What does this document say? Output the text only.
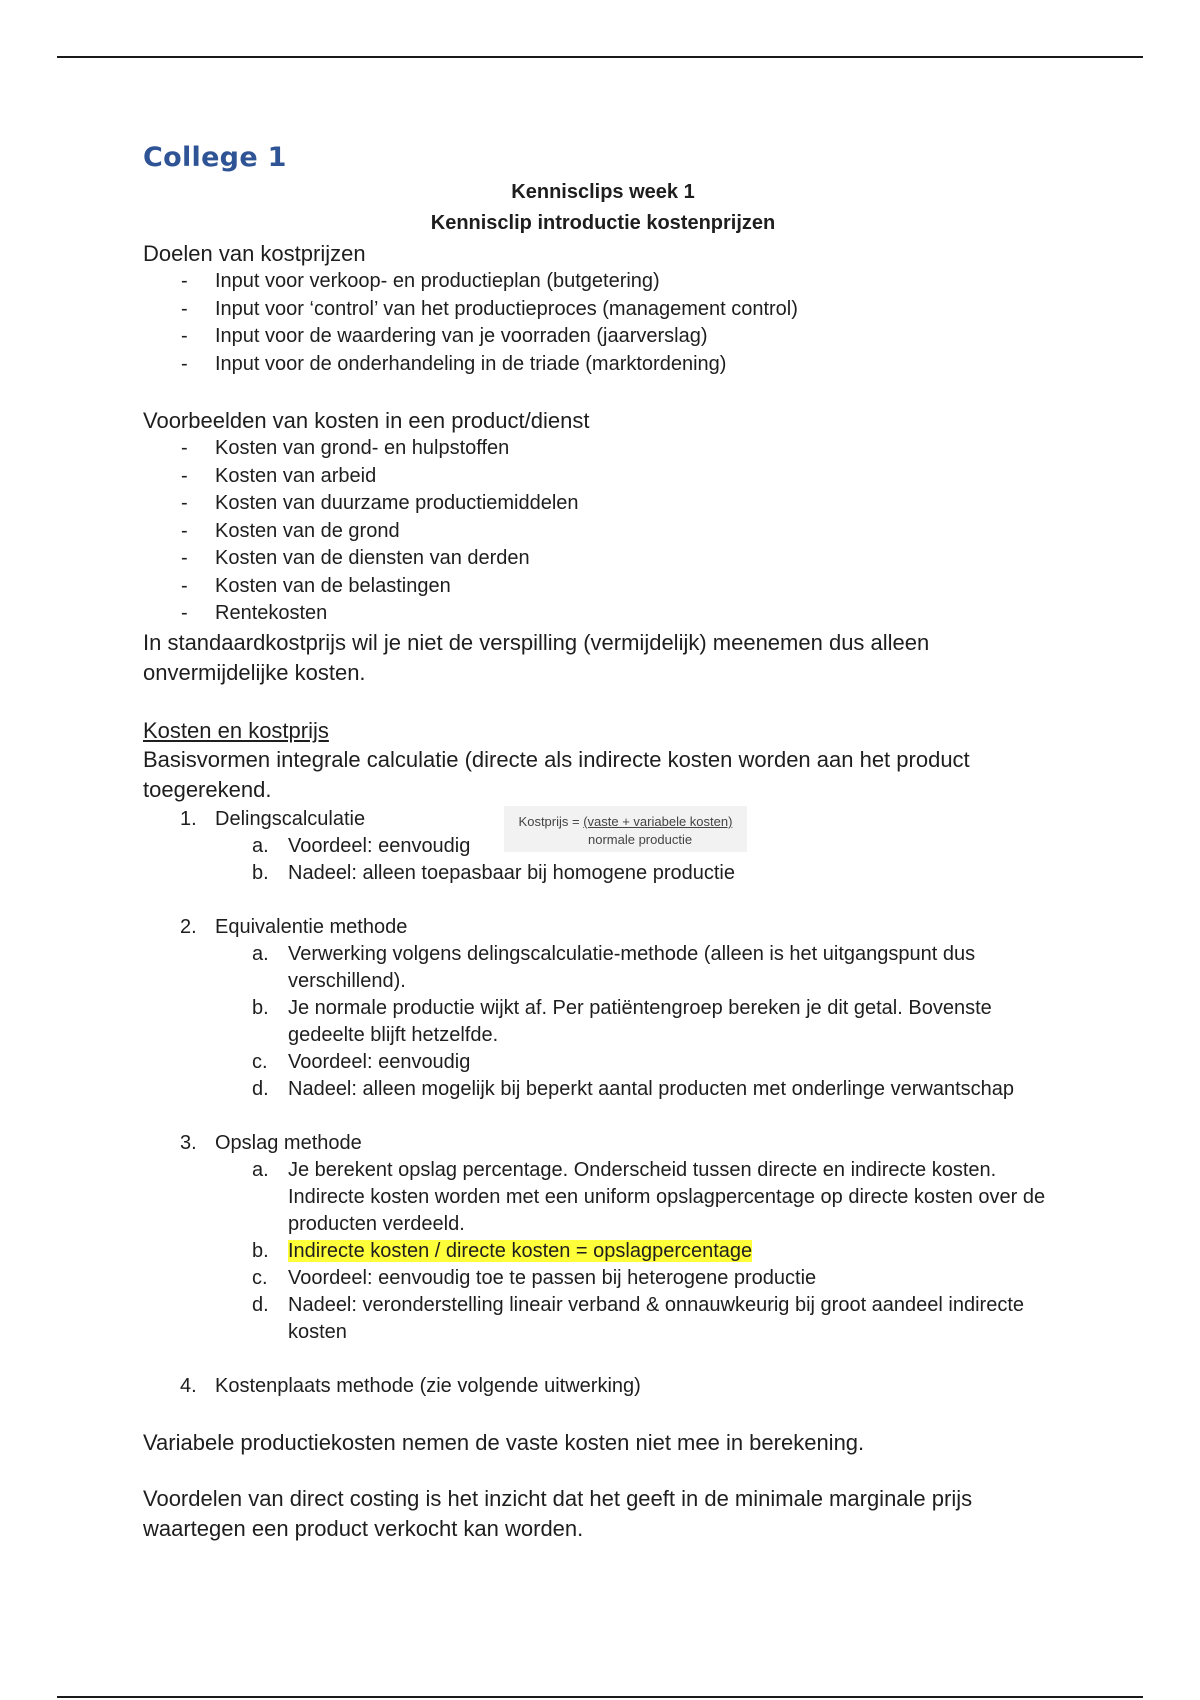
College 1
Kennisclips week 1
Kennisclip introductie kostenprijzen
Doelen van kostprijzen
- Input voor verkoop- en productieplan (butgetering)
- Input voor ‘control’ van het productieproces (management control)
- Input voor de waardering van je voorraden (jaarverslag)
- Input voor de onderhandeling in de triade (marktordening)
Voorbeelden van kosten in een product/dienst
- Kosten van grond- en hulpstoffen
- Kosten van arbeid
- Kosten van duurzame productiemiddelen
- Kosten van de grond
- Kosten van de diensten van derden
- Kosten van de belastingen
- Rentekosten
In standaardkostprijs wil je niet de verspilling (vermijdelijk) meenemen dus alleen onvermijdelijke kosten.
Kosten en kostprijs
Basisvormen integrale calculatie (directe als indirecte kosten worden aan het product toegerekend.
1. Delingscalculatie
a. Voordeel: eenvoudig
b. Nadeel: alleen toepasbaar bij homogene productie
2. Equivalentie methode
a. Verwerking volgens delingscalculatie-methode (alleen is het uitgangspunt dus verschillend).
b. Je normale productie wijkt af. Per patiëntengroep bereken je dit getal. Bovenste gedeelte blijft hetzelfde.
c. Voordeel: eenvoudig
d. Nadeel: alleen mogelijk bij beperkt aantal producten met onderlinge verwantschap
3. Opslag methode
a. Je berekent opslag percentage. Onderscheid tussen directe en indirecte kosten. Indirecte kosten worden met een uniform opslagpercentage op directe kosten over de producten verdeeld.
b. Indirecte kosten / directe kosten = opslagpercentage
c. Voordeel: eenvoudig toe te passen bij heterogene productie
d. Nadeel: veronderstelling lineair verband & onnauwkeurig bij groot aandeel indirecte kosten
4. Kostenplaats methode (zie volgende uitwerking)
Variabele productiekosten nemen de vaste kosten niet mee in berekening.
Voordelen van direct costing is het inzicht dat het geeft in de minimale marginale prijs waartegen een product verkocht kan worden.
Kostprijs = (vaste + variabele kosten)
normale productie
